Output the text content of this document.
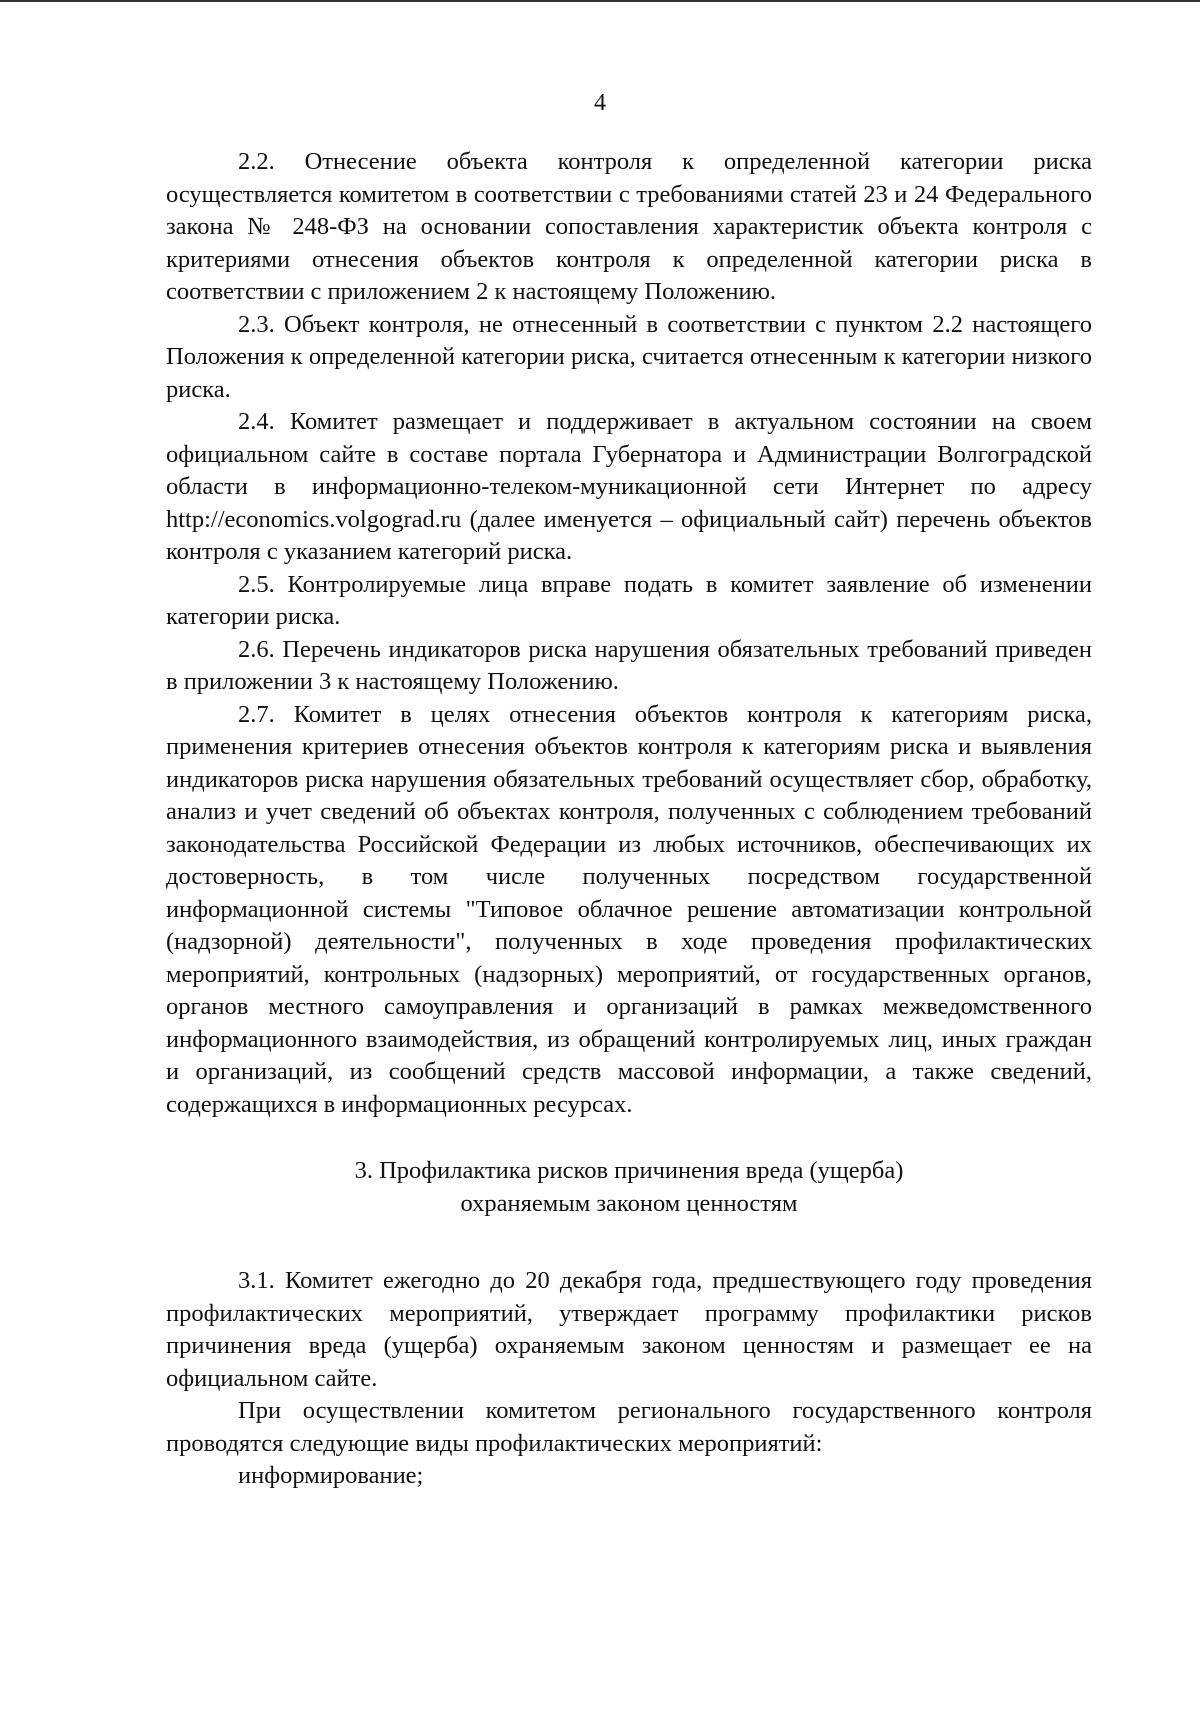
4

2.2. Отнесение объекта контроля к определенной категории риска осуществляется комитетом в соответствии с требованиями статей 23 и 24 Федерального закона № 248-ФЗ на основании сопоставления характеристик объекта контроля с критериями отнесения объектов контроля к определенной категории риска в соответствии с приложением 2 к настоящему Положению.

2.3. Объект контроля, не отнесенный в соответствии с пунктом 2.2 настоящего Положения к определенной категории риска, считается отнесенным к категории низкого риска.

2.4. Комитет размещает и поддерживает в актуальном состоянии на своем официальном сайте в составе портала Губернатора и Администрации Волгоградской области в информационно-телеком-муникационной сети Интернет по адресу http://economics.volgograd.ru (далее именуется – официальный сайт) перечень объектов контроля с указанием категорий риска.

2.5. Контролируемые лица вправе подать в комитет заявление об изменении категории риска.

2.6. Перечень индикаторов риска нарушения обязательных требований приведен в приложении 3 к настоящему Положению.

2.7. Комитет в целях отнесения объектов контроля к категориям риска, применения критериев отнесения объектов контроля к категориям риска и выявления индикаторов риска нарушения обязательных требований осуществляет сбор, обработку, анализ и учет сведений об объектах контроля, полученных с соблюдением требований законодательства Российской Федерации из любых источников, обеспечивающих их достоверность, в том числе полученных посредством государственной информационной системы "Типовое облачное решение автоматизации контрольной (надзорной) деятельности", полученных в ходе проведения профилактических мероприятий, контрольных (надзорных) мероприятий, от государственных органов, органов местного самоуправления и организаций в рамках межведомственного информационного взаимодействия, из обращений контролируемых лиц, иных граждан и организаций, из сообщений средств массовой информации, а также сведений, содержащихся в информационных ресурсах.

3. Профилактика рисков причинения вреда (ущерба)
охраняемым законом ценностям

3.1. Комитет ежегодно до 20 декабря года, предшествующего году проведения профилактических мероприятий, утверждает программу профилактики рисков причинения вреда (ущерба) охраняемым законом ценностям и размещает ее на официальном сайте.

При осуществлении комитетом регионального государственного контроля проводятся следующие виды профилактических мероприятий:

информирование;
